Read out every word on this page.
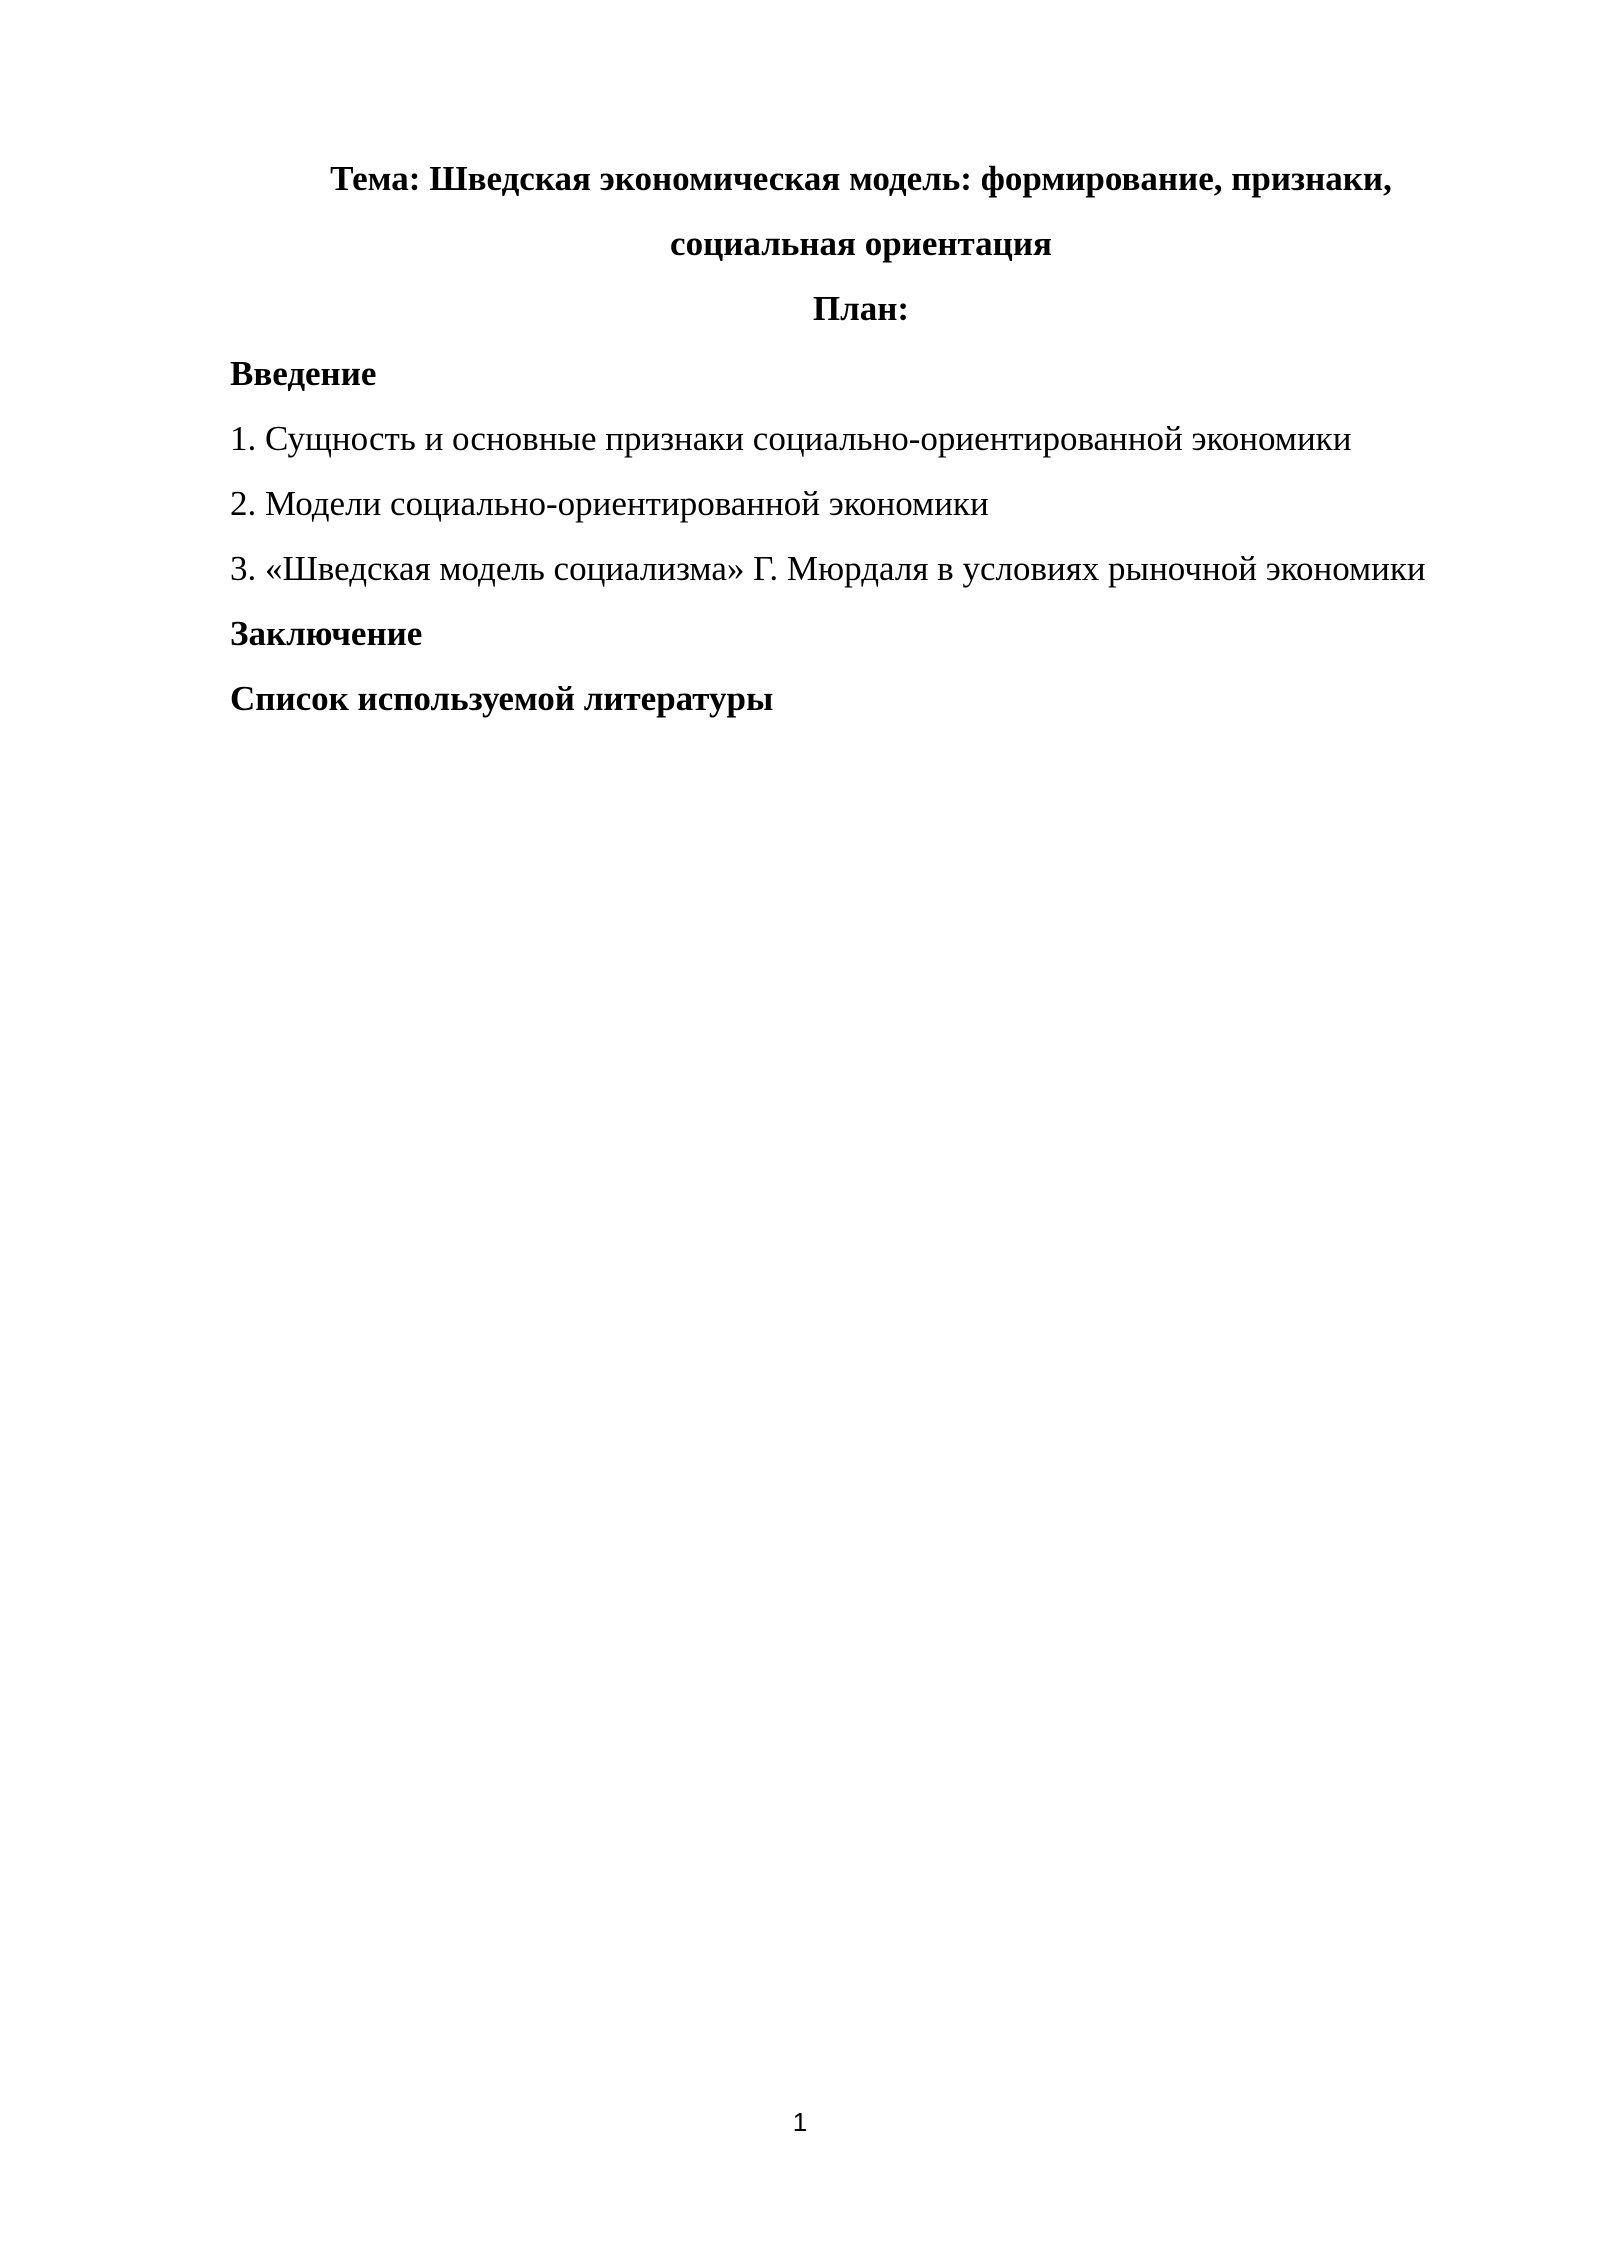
Тема: Шведская экономическая модель: формирование, признаки,
социальная ориентация

План:

Введение

1. Сущность и основные признаки социально-ориентированной экономики

2. Модели социально-ориентированной экономики

3. «Шведская модель социализма» Г. Мюрдаля в условиях рыночной экономики

Заключение

Список используемой литературы

1
